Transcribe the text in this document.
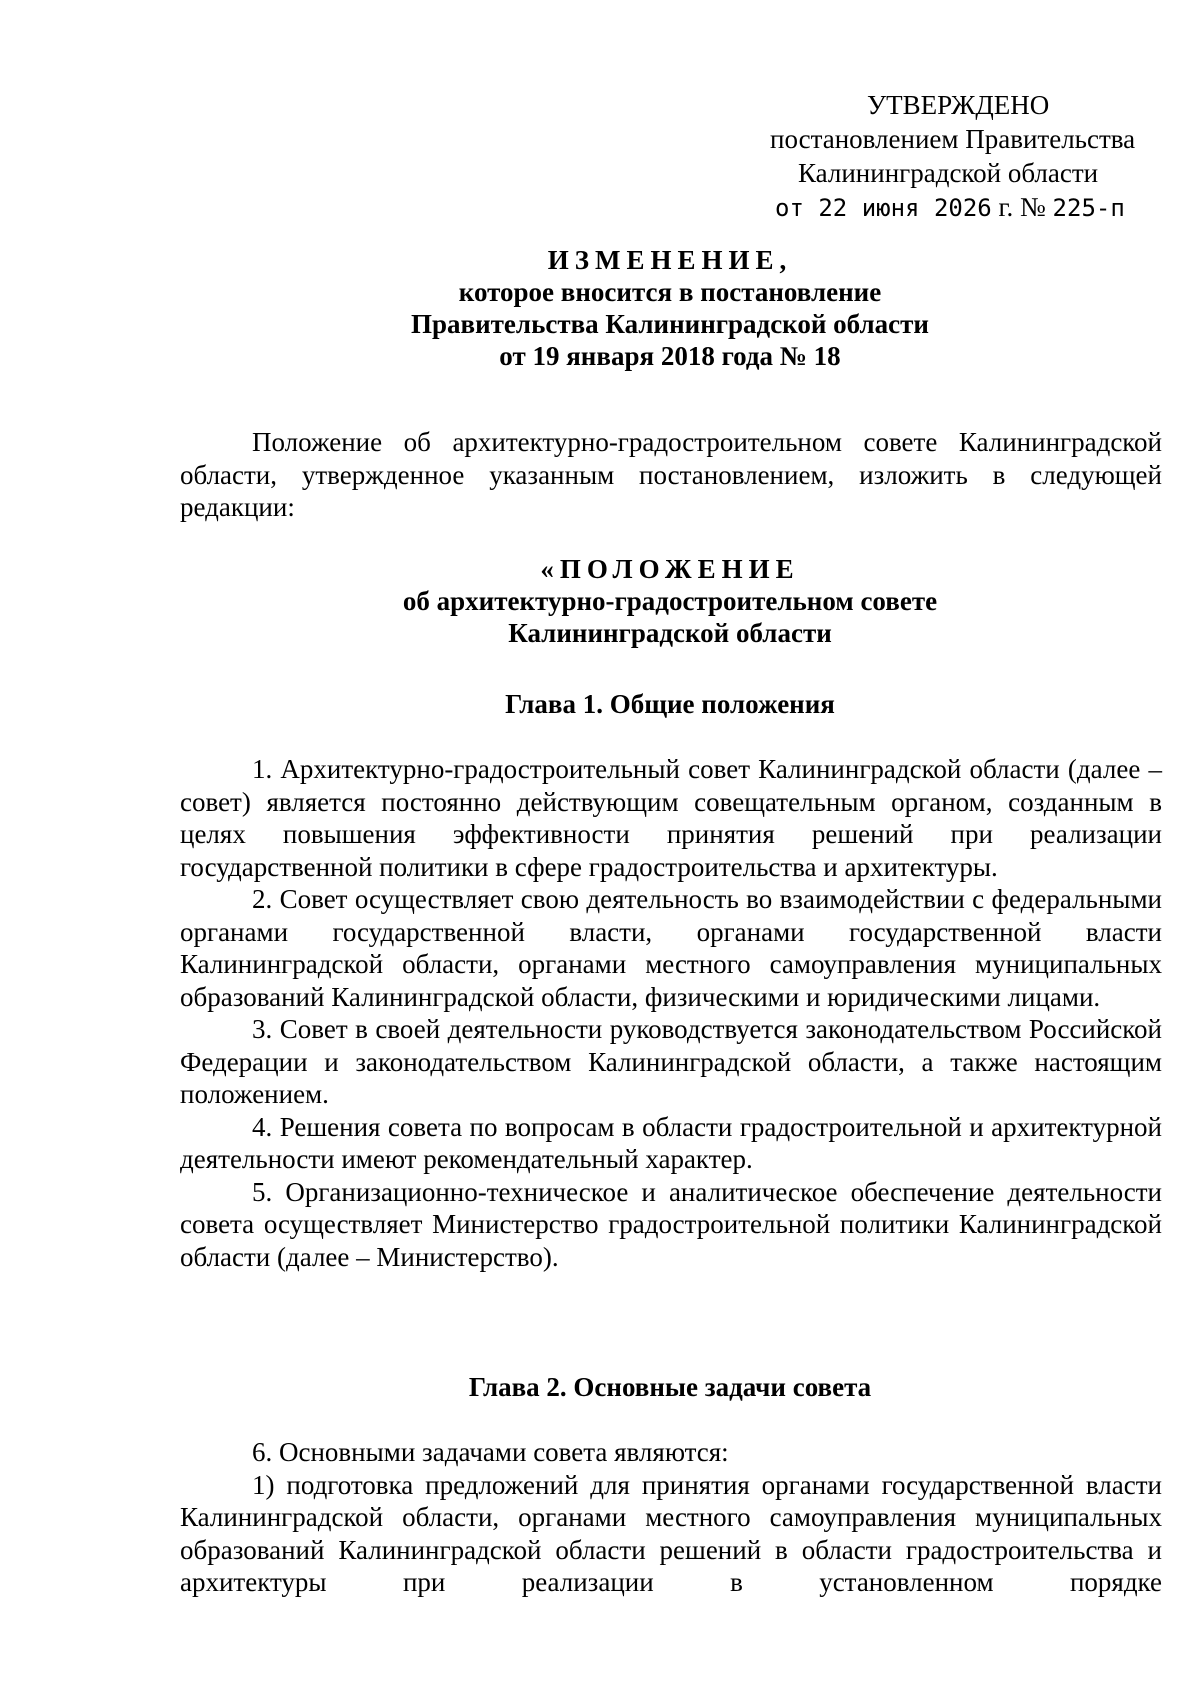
УТВЕРЖДЕНО
постановлением Правительства
Калининградской области
от 22 июня 2026 г. № 225-п
ИЗМЕНЕНИЕ,
которое вносится в постановление
Правительства Калининградской области
от 19 января 2018 года № 18

Положение об архитектурно-градостроительном совете Калининградской области, утвержденное указанным постановлением, изложить в следующей редакции:

«ПОЛОЖЕНИЕ
об архитектурно-градостроительном совете
Калининградской области
Глава 1. Общие положения

1. Архитектурно-градостроительный совет Калининградской области (далее – совет) является постоянно действующим совещательным органом, созданным в целях повышения эффективности принятия решений при реализации государственной политики в сфере градостроительства и архитектуры.

2. Совет осуществляет свою деятельность во взаимодействии с федеральными органами государственной власти, органами государственной власти Калининградской области, органами местного самоуправления муниципальных образований Калининградской области, физическими и юридическими лицами.

3. Совет в своей деятельности руководствуется законодательством Российской Федерации и законодательством Калининградской области, а также настоящим положением.

4. Решения совета по вопросам в области градостроительной и архитектурной деятельности имеют рекомендательный характер.

5. Организационно-техническое и аналитическое обеспечение деятельности совета осуществляет Министерство градостроительной политики Калининградской области (далее – Министерство).

Глава 2. Основные задачи совета

6. Основными задачами совета являются:

1) подготовка предложений для принятия органами государственной власти Калининградской области, органами местного самоуправления муниципальных образований Калининградской области решений в области градостроительства и архитектуры при реализации в установленном порядке
